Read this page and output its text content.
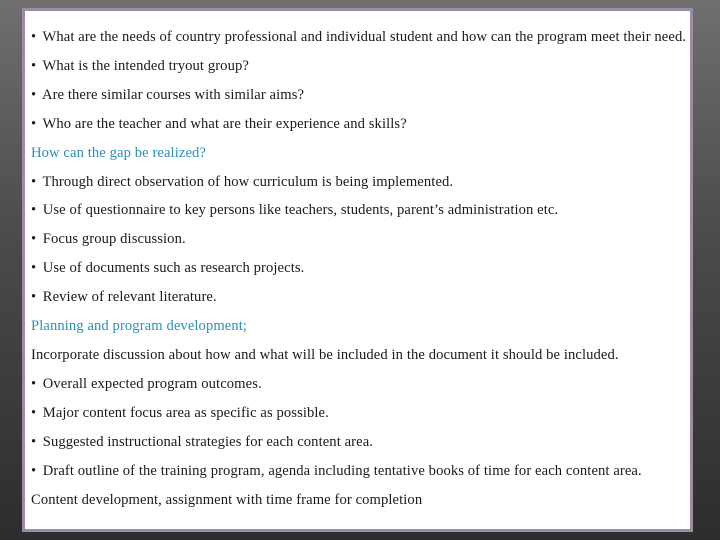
• What are the needs of country professional and individual student and how can the program meet their need.
• What is the intended tryout group?
• Are there similar courses with similar aims?
• Who are the teacher and what are their experience and skills?
How can the gap be realized?
• Through direct observation of how curriculum is being implemented.
• Use of questionnaire to key persons like teachers, students, parent’s administration etc.
• Focus group discussion.
• Use of documents such as research projects.
• Review of relevant literature.
Planning and program development;
Incorporate discussion about how and what will be included in the document it should be included.
• Overall expected program outcomes.
• Major content focus area as specific as possible.
• Suggested instructional strategies for each content area.
• Draft outline of the training program, agenda including tentative books of time for each content area.
Content development, assignment with time frame for completion
